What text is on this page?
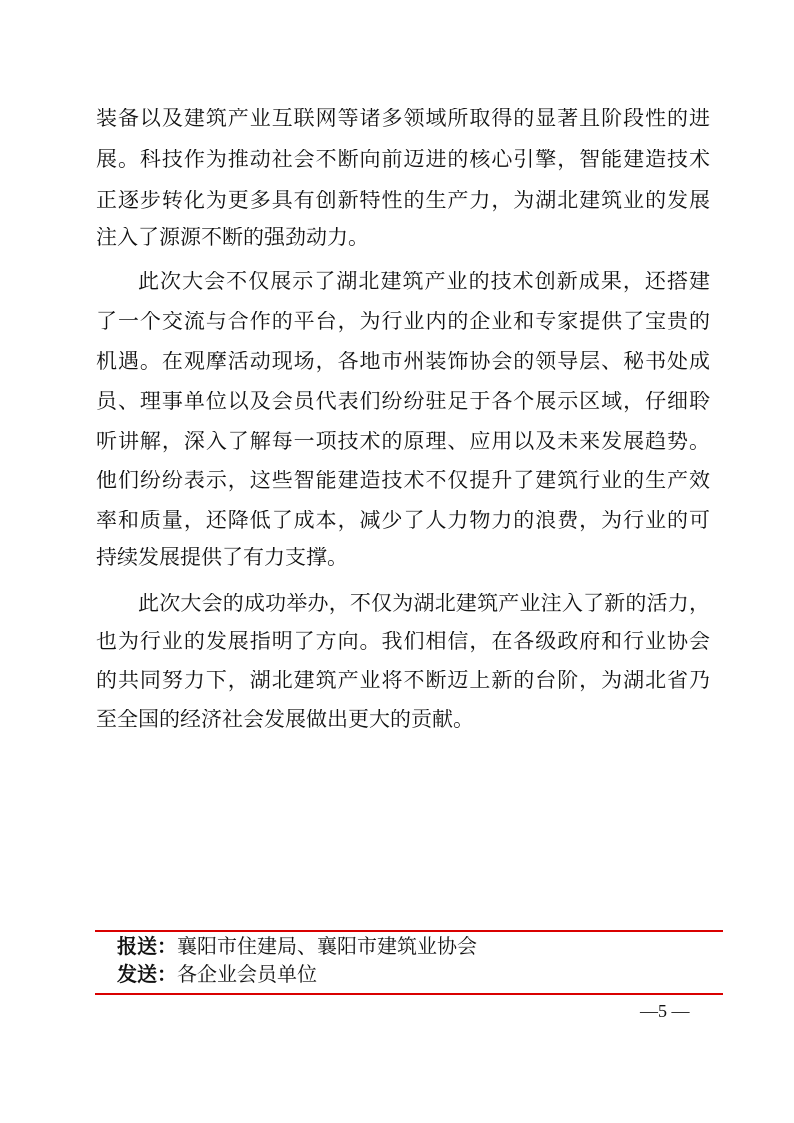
装备以及建筑产业互联网等诸多领域所取得的显著且阶段性的进
展。科技作为推动社会不断向前迈进的核心引擎，智能建造技术
正逐步转化为更多具有创新特性的生产力，为湖北建筑业的发展
注入了源源不断的强劲动力。
此次大会不仅展示了湖北建筑产业的技术创新成果，还搭建
了一个交流与合作的平台，为行业内的企业和专家提供了宝贵的
机遇。在观摩活动现场，各地市州装饰协会的领导层、秘书处成
员、理事单位以及会员代表们纷纷驻足于各个展示区域，仔细聆
听讲解，深入了解每一项技术的原理、应用以及未来发展趋势。
他们纷纷表示，这些智能建造技术不仅提升了建筑行业的生产效
率和质量，还降低了成本，减少了人力物力的浪费，为行业的可
持续发展提供了有力支撑。
此次大会的成功举办，不仅为湖北建筑产业注入了新的活力，
也为行业的发展指明了方向。我们相信，在各级政府和行业协会
的共同努力下，湖北建筑产业将不断迈上新的台阶，为湖北省乃
至全国的经济社会发展做出更大的贡献。
报送：襄阳市住建局、襄阳市建筑业协会
发送：各企业会员单位
—5 —
